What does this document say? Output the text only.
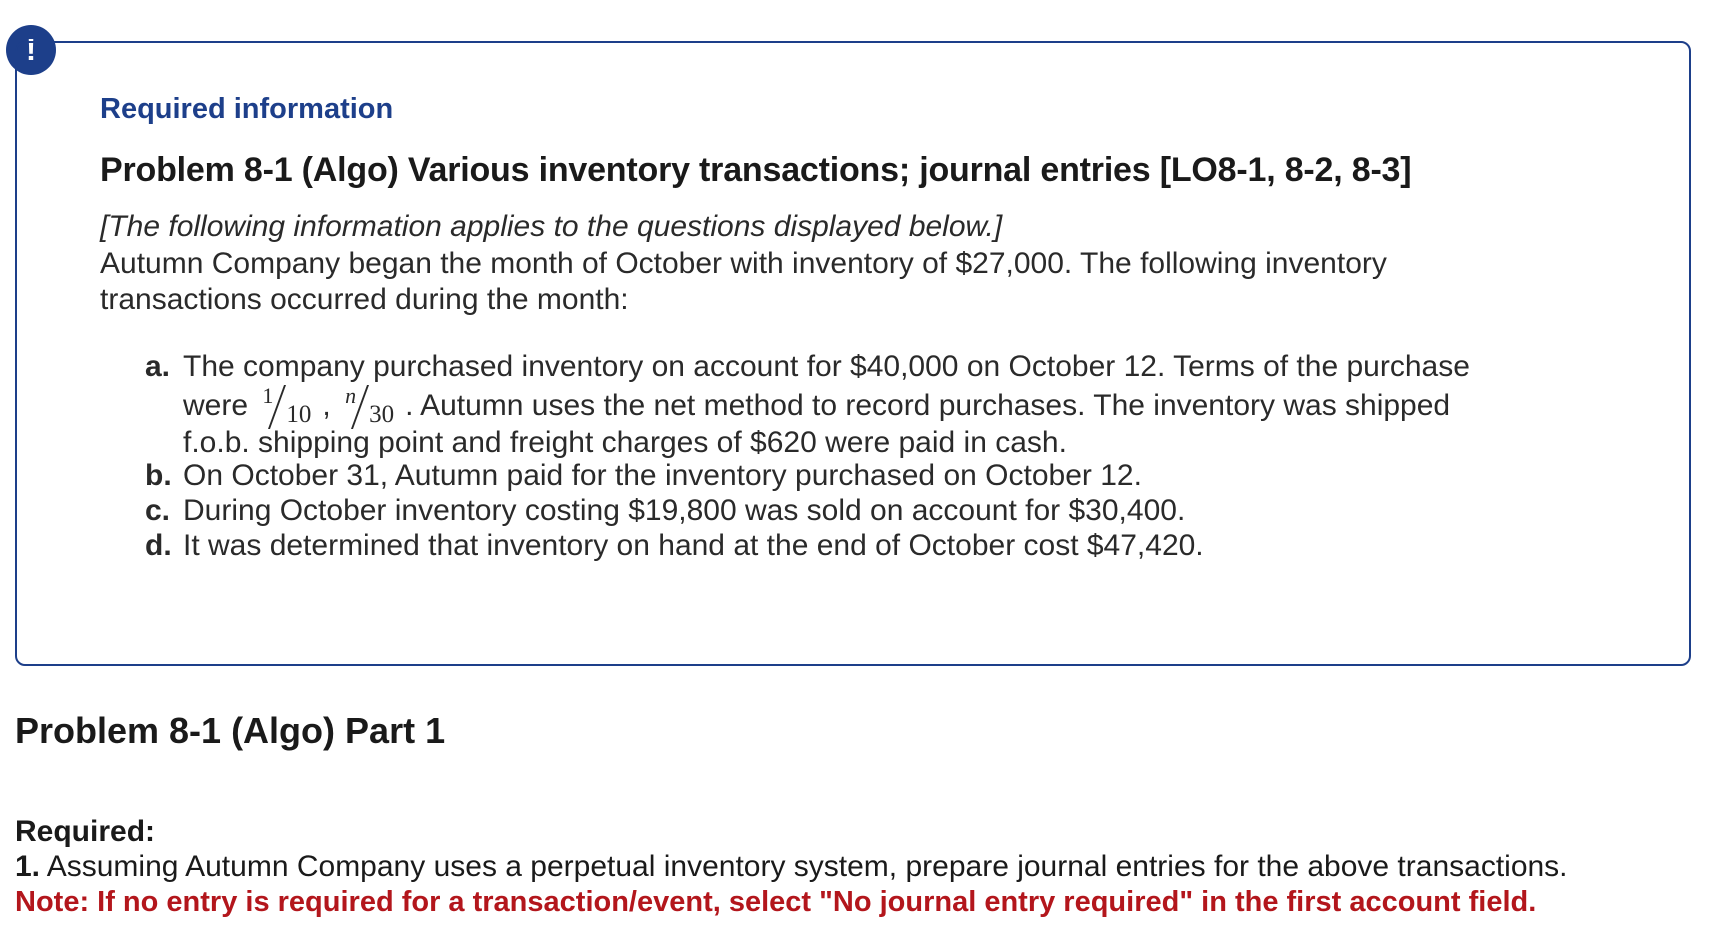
!
Required information
Problem 8-1 (Algo) Various inventory transactions; journal entries [LO8-1, 8-2, 8-3]
[The following information applies to the questions displayed below.]
Autumn Company began the month of October with inventory of $27,000. The following inventory transactions occurred during the month:
a. The company purchased inventory on account for $40,000 on October 12. Terms of the purchase
were 1
10 , n
30 . Autumn uses the net method to record purchases. The inventory was shipped
f.o.b. shipping point and freight charges of $620 were paid in cash.
b. On October 31, Autumn paid for the inventory purchased on October 12.
c. During October inventory costing $19,800 was sold on account for $30,400.
d. It was determined that inventory on hand at the end of October cost $47,420.
Problem 8-1 (Algo) Part 1
Required:
1. Assuming Autumn Company uses a perpetual inventory system, prepare journal entries for the above transactions.
Note: If no entry is required for a transaction/event, select "No journal entry required" in the first account field.
